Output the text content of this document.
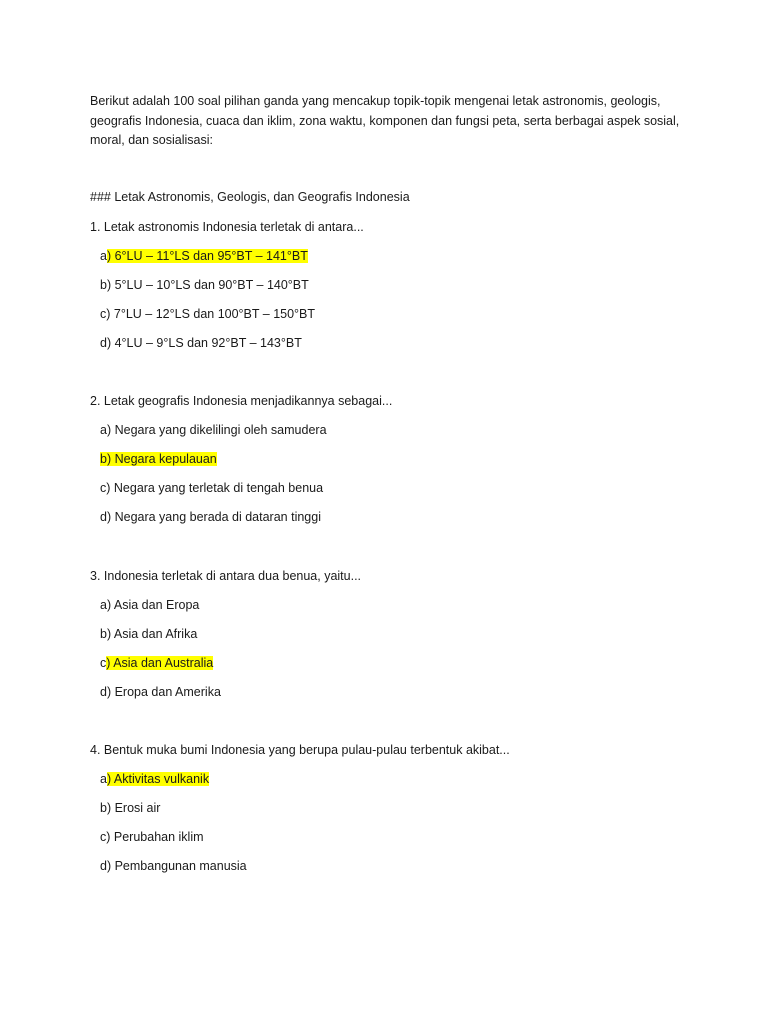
Berikut adalah 100 soal pilihan ganda yang mencakup topik-topik mengenai letak astronomis, geologis, geografis Indonesia, cuaca dan iklim, zona waktu, komponen dan fungsi peta, serta berbagai aspek sosial, moral, dan sosialisasi:
### Letak Astronomis, Geologis, dan Geografis Indonesia
1. Letak astronomis Indonesia terletak di antara...
a) 6°LU – 11°LS dan 95°BT – 141°BT
b) 5°LU – 10°LS dan 90°BT – 140°BT
c) 7°LU – 12°LS dan 100°BT – 150°BT
d) 4°LU – 9°LS dan 92°BT – 143°BT
2. Letak geografis Indonesia menjadikannya sebagai...
a) Negara yang dikelilingi oleh samudera
b) Negara kepulauan
c) Negara yang terletak di tengah benua
d) Negara yang berada di dataran tinggi
3. Indonesia terletak di antara dua benua, yaitu...
a) Asia dan Eropa
b) Asia dan Afrika
c) Asia dan Australia
d) Eropa dan Amerika
4. Bentuk muka bumi Indonesia yang berupa pulau-pulau terbentuk akibat...
a) Aktivitas vulkanik
b) Erosi air
c) Perubahan iklim
d) Pembangunan manusia
